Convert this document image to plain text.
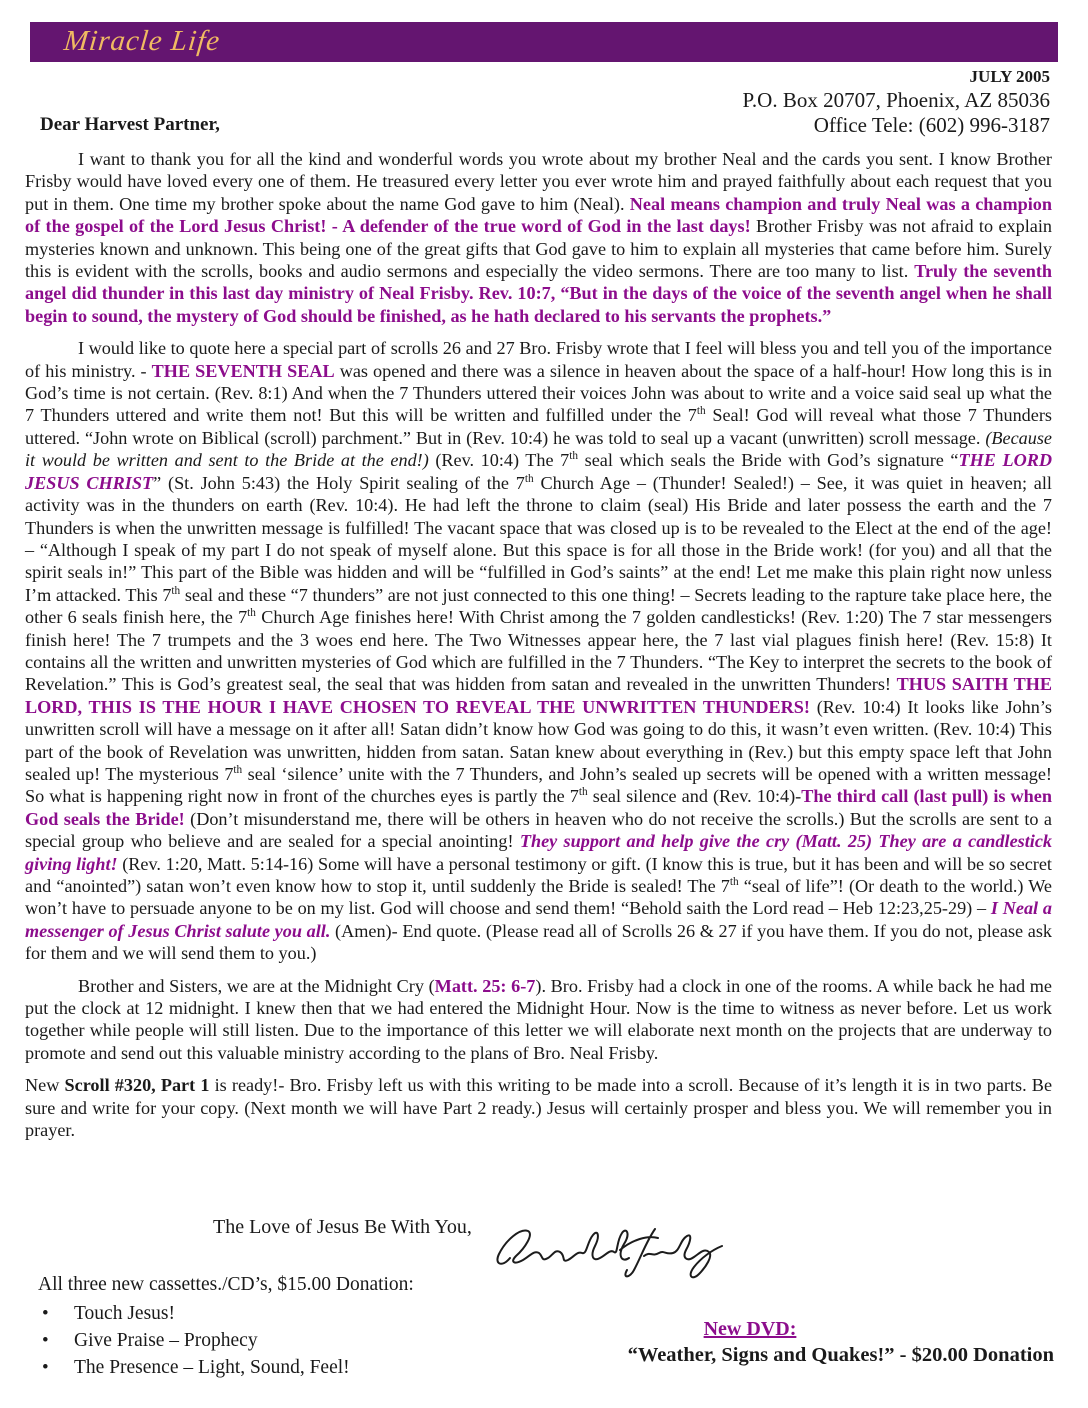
Miracle Life
JULY 2005
P.O. Box 20707, Phoenix, AZ 85036
Office Tele: (602) 996-3187
Dear Harvest Partner,

I want to thank you for all the kind and wonderful words you wrote about my brother Neal and the cards you sent. I know Brother Frisby would have loved every one of them. He treasured every letter you ever wrote him and prayed faithfully about each request that you put in them. One time my brother spoke about the name God gave to him (Neal). Neal means champion and truly Neal was a champion of the gospel of the Lord Jesus Christ! - A defender of the true word of God in the last days! Brother Frisby was not afraid to explain mysteries known and unknown. This being one of the great gifts that God gave to him to explain all mysteries that came before him. Surely this is evident with the scrolls, books and audio sermons and especially the video sermons. There are too many to list. Truly the seventh angel did thunder in this last day ministry of Neal Frisby. Rev. 10:7, “But in the days of the voice of the seventh angel when he shall begin to sound, the mystery of God should be finished, as he hath declared to his servants the prophets.”

I would like to quote here a special part of scrolls 26 and 27 Bro. Frisby wrote that I feel will bless you and tell you of the importance of his ministry. - THE SEVENTH SEAL was opened and there was a silence in heaven about the space of a half-hour! How long this is in God’s time is not certain. (Rev. 8:1) And when the 7 Thunders uttered their voices John was about to write and a voice said seal up what the 7 Thunders uttered and write them not! But this will be written and fulfilled under the 7th Seal! God will reveal what those 7 Thunders uttered. “John wrote on Biblical (scroll) parchment.” But in (Rev. 10:4) he was told to seal up a vacant (unwritten) scroll message. (Because it would be written and sent to the Bride at the end!) (Rev. 10:4) The 7th seal which seals the Bride with God’s signature “THE LORD JESUS CHRIST” (St. John 5:43) the Holy Spirit sealing of the 7th Church Age – (Thunder! Sealed!) – See, it was quiet in heaven; all activity was in the thunders on earth (Rev. 10:4). He had left the throne to claim (seal) His Bride and later possess the earth and the 7 Thunders is when the unwritten message is fulfilled! The vacant space that was closed up is to be revealed to the Elect at the end of the age! – “Although I speak of my part I do not speak of myself alone. But this space is for all those in the Bride work! (for you) and all that the spirit seals in!” This part of the Bible was hidden and will be “fulfilled in God’s saints” at the end! Let me make this plain right now unless I’m attacked. This 7th seal and these “7 thunders” are not just connected to this one thing! – Secrets leading to the rapture take place here, the other 6 seals finish here, the 7th Church Age finishes here! With Christ among the 7 golden candlesticks! (Rev. 1:20) The 7 star messengers finish here! The 7 trumpets and the 3 woes end here. The Two Witnesses appear here, the 7 last vial plagues finish here! (Rev. 15:8) It contains all the written and unwritten mysteries of God which are fulfilled in the 7 Thunders. “The Key to interpret the secrets to the book of Revelation.” This is God’s greatest seal, the seal that was hidden from satan and revealed in the unwritten Thunders! THUS SAITH THE LORD, THIS IS THE HOUR I HAVE CHOSEN TO REVEAL THE UNWRITTEN THUNDERS! (Rev. 10:4) It looks like John’s unwritten scroll will have a message on it after all! Satan didn’t know how God was going to do this, it wasn’t even written. (Rev. 10:4) This part of the book of Revelation was unwritten, hidden from satan. Satan knew about everything in (Rev.) but this empty space left that John sealed up! The mysterious 7th seal ‘silence’ unite with the 7 Thunders, and John’s sealed up secrets will be opened with a written message! So what is happening right now in front of the churches eyes is partly the 7th seal silence and (Rev. 10:4)-The third call (last pull) is when God seals the Bride! (Don’t misunderstand me, there will be others in heaven who do not receive the scrolls.) But the scrolls are sent to a special group who believe and are sealed for a special anointing! They support and help give the cry (Matt. 25) They are a candlestick giving light! (Rev. 1:20, Matt. 5:14-16) Some will have a personal testimony or gift. (I know this is true, but it has been and will be so secret and “anointed”) satan won’t even know how to stop it, until suddenly the Bride is sealed! The 7th “seal of life”! (Or death to the world.) We won’t have to persuade anyone to be on my list. God will choose and send them! “Behold saith the Lord read – Heb 12:23,25-29) – I Neal a messenger of Jesus Christ salute you all. (Amen)- End quote. (Please read all of Scrolls 26 & 27 if you have them. If you do not, please ask for them and we will send them to you.)

Brother and Sisters, we are at the Midnight Cry (Matt. 25: 6-7). Bro. Frisby had a clock in one of the rooms. A while back he had me put the clock at 12 midnight. I knew then that we had entered the Midnight Hour. Now is the time to witness as never before. Let us work together while people will still listen. Due to the importance of this letter we will elaborate next month on the projects that are underway to promote and send out this valuable ministry according to the plans of Bro. Neal Frisby.

New Scroll #320, Part 1 is ready!- Bro. Frisby left us with this writing to be made into a scroll. Because of it’s length it is in two parts. Be sure and write for your copy. (Next month we will have Part 2 ready.) Jesus will certainly prosper and bless you. We will remember you in prayer.

The Love of Jesus Be With You,
All three new cassettes./CD’s, $15.00 Donation:
•
Touch Jesus!
•
Give Praise – Prophecy
•
The Presence – Light, Sound, Feel!
New DVD:
“Weather, Signs and Quakes!” - $20.00 Donation
